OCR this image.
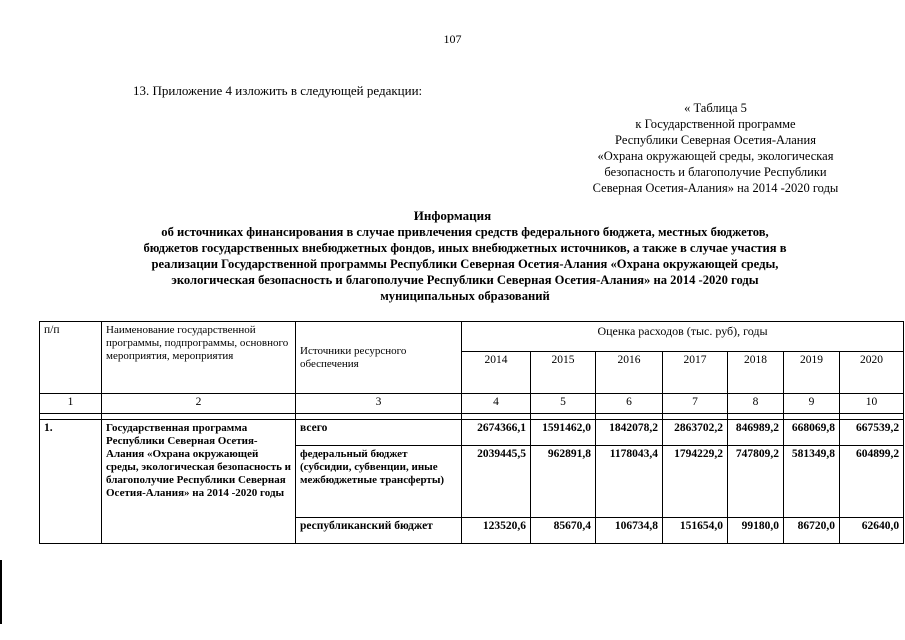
107
13. Приложение 4 изложить в следующей редакции:
« Таблица 5
к Государственной программе
Республики Северная Осетия-Алания
«Охрана окружающей среды, экологическая
безопасность и благополучие Республики
Северная Осетия-Алания» на 2014 -2020 годы
Информация
об источниках финансирования в случае привлечения средств федерального бюджета, местных бюджетов,
бюджетов государственных внебюджетных фондов, иных внебюджетных источников, а также в случае участия в
реализации Государственной программы Республики Северная Осетия-Алания «Охрана окружающей среды,
экологическая безопасность и благополучие Республики Северная Осетия-Алания» на 2014 -2020 годы
муниципальных образований
п/п	Наименование государственной программы, подпрограммы, основного мероприятия, мероприятия	Источники ресурсного обеспечения	Оценка расходов (тыс. руб), годы						
			2014	2015	2016	2017	2018	2019	2020
1	2	3	4	5	6	7	8	9	10

1.	Государственная программа Республики Северная Осетия-Алания «Охрана окружающей среды, экологическая безопасность и благополучие Республики Северная Осетия-Алания» на 2014 -2020 годы	всего	2674366,1	1591462,0	1842078,2	2863702,2	846989,2	668069,8	667539,2
		федеральный бюджет (субсидии, субвенции, иные межбюджетные трансферты)	2039445,5	962891,8	1178043,4	1794229,2	747809,2	581349,8	604899,2
		республиканский бюджет	123520,6	85670,4	106734,8	151654,0	99180,0	86720,0	62640,0
